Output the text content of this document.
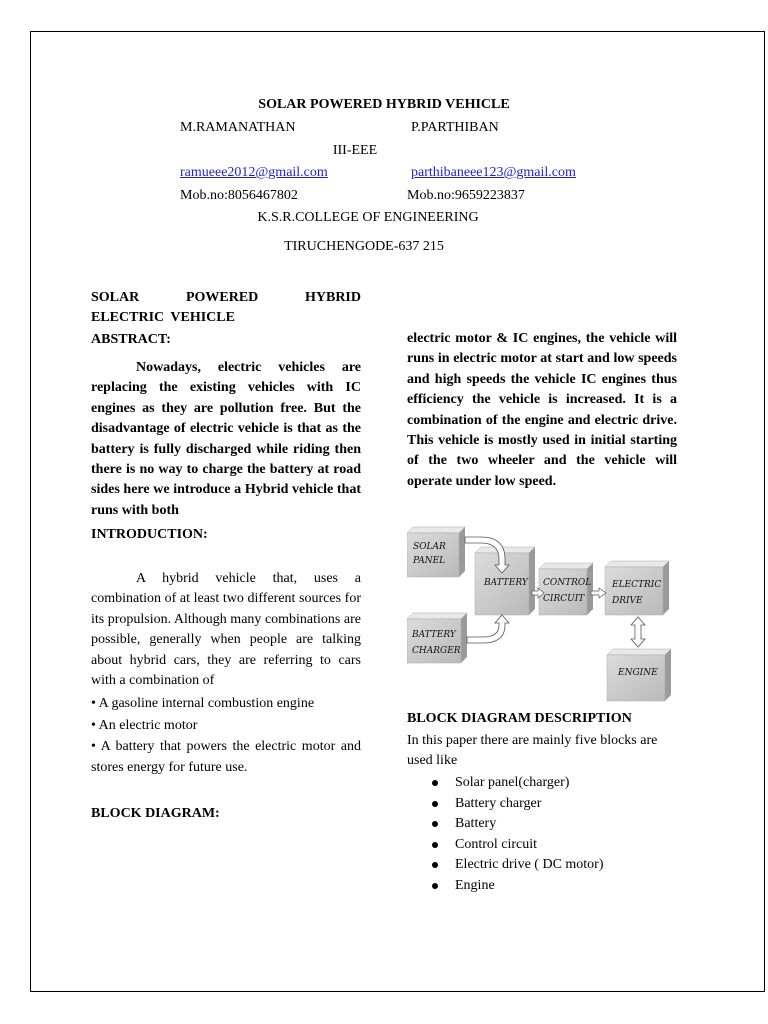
SOLAR POWERED HYBRID VEHICLE
M.RAMANATHAN	P.PARTHIBAN
III-EEE
ramueee2012@gmail.com	parthibaneee123@gmail.com
Mob.no:8056467802	Mob.no:9659223837
K.S.R.COLLEGE OF ENGINEERING
TIRUCHENGODE-637 215
SOLAR POWERED HYBRID
ELECTRIC VEHICLE
ABSTRACT:

Nowadays, electric vehicles are replacing the existing vehicles with IC engines as they are pollution free. But the disadvantage of electric vehicle is that as the battery is fully discharged while riding then there is no way to charge the battery at road sides here we introduce a Hybrid vehicle that runs with both

INTRODUCTION:

A hybrid vehicle that, uses a combination of at least two different sources for its propulsion. Although many combinations are possible, generally when people are talking about hybrid cars, they are referring to cars with a combination of

• A gasoline internal combustion engine

• An electric motor

• A battery that powers the electric motor and stores energy for future use.

BLOCK DIAGRAM:

electric motor & IC engines, the vehicle will runs in electric motor at start and low speeds and high speeds the vehicle IC engines thus efficiency the vehicle is increased. It is a combination of the engine and electric drive. This vehicle is mostly used in initial starting of the two wheeler and the vehicle will operate under low speed.

SOLAR
PANEL
BATTERY CONTROL
CIRCUIT
ELECTRIC
DRIVE
BATTERY
CHARGER
ENGINE
BLOCK DIAGRAM DESCRIPTION

In this paper there are mainly five blocks are used like

Solar panel(charger)
Battery charger
Battery
Control circuit
Electric drive ( DC motor)
Engine
